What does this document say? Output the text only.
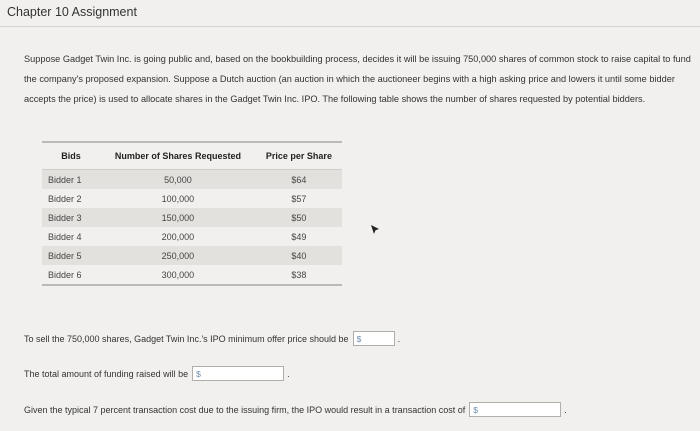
Chapter 10 Assignment

Suppose Gadget Twin Inc. is going public and, based on the bookbuilding process, decides it will be issuing 750,000 shares of common stock to raise capital to fund the company's proposed expansion. Suppose a Dutch auction (an auction in which the auctioneer begins with a high asking price and lowers it until some bidder accepts the price) is used to allocate shares in the Gadget Twin Inc. IPO. The following table shows the number of shares requested by potential bidders.

Bids	Number of Shares Requested	Price per Share
Bidder 1	50,000	$64
Bidder 2	100,000	$57
Bidder 3	150,000	$50
Bidder 4	200,000	$49
Bidder 5	250,000	$40
Bidder 6	300,000	$38
To sell the 750,000 shares, Gadget Twin Inc.'s IPO minimum offer price should be $	.
The total amount of funding raised will be $	.
Given the typical 7 percent transaction cost due to the issuing firm, the IPO would result in a transaction cost of $	.
